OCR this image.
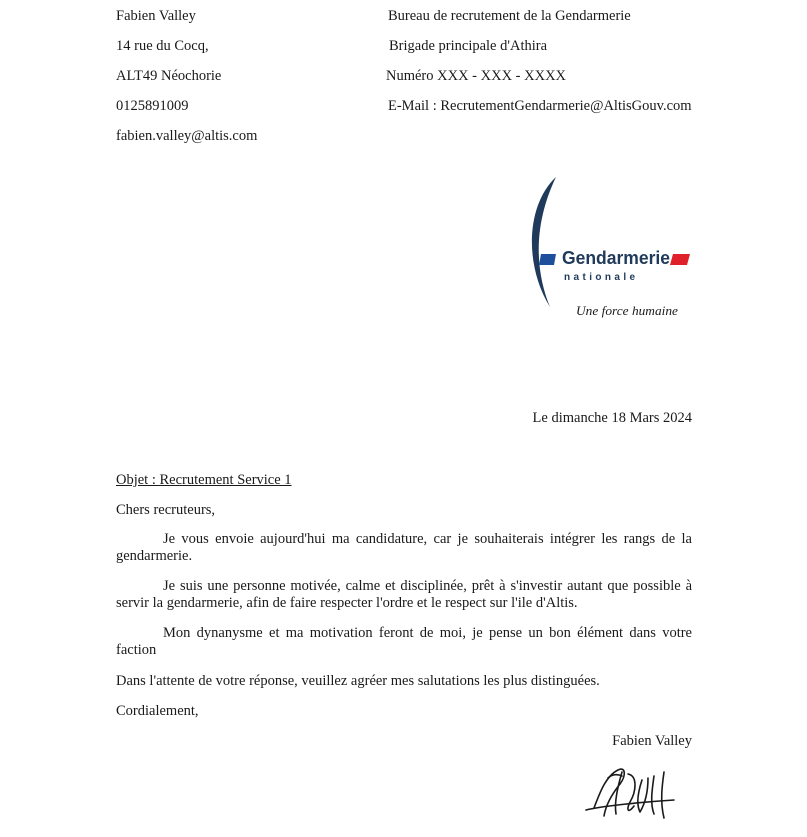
Fabien Valley
14 rue du Cocq,
ALT49 Néochorie
0125891009
fabien.valley@altis.com
Bureau de recrutement de la Gendarmerie
Brigade principale d'Athira
Numéro XXX - XXX - XXXX
E-Mail : RecrutementGendarmerie@AltisGouv.com
Gendarmerie
nationale
Une force humaine
Le dimanche 18 Mars 2024
Objet : Recrutement Service 1
Chers recruteurs,
Je vous envoie aujourd'hui ma candidature, car je souhaiterais intégrer les rangs de la gendarmerie.
Je suis une personne motivée, calme et disciplinée, prêt à s'investir autant que possible à servir la gendarmerie, afin de faire respecter l'ordre et le respect sur l'ile d'Altis.
Mon dynanysme et ma motivation feront de moi, je pense un bon élément dans votre faction
Dans l'attente de votre réponse, veuillez agréer mes salutations les plus distinguées.
Cordialement,
Fabien Valley
